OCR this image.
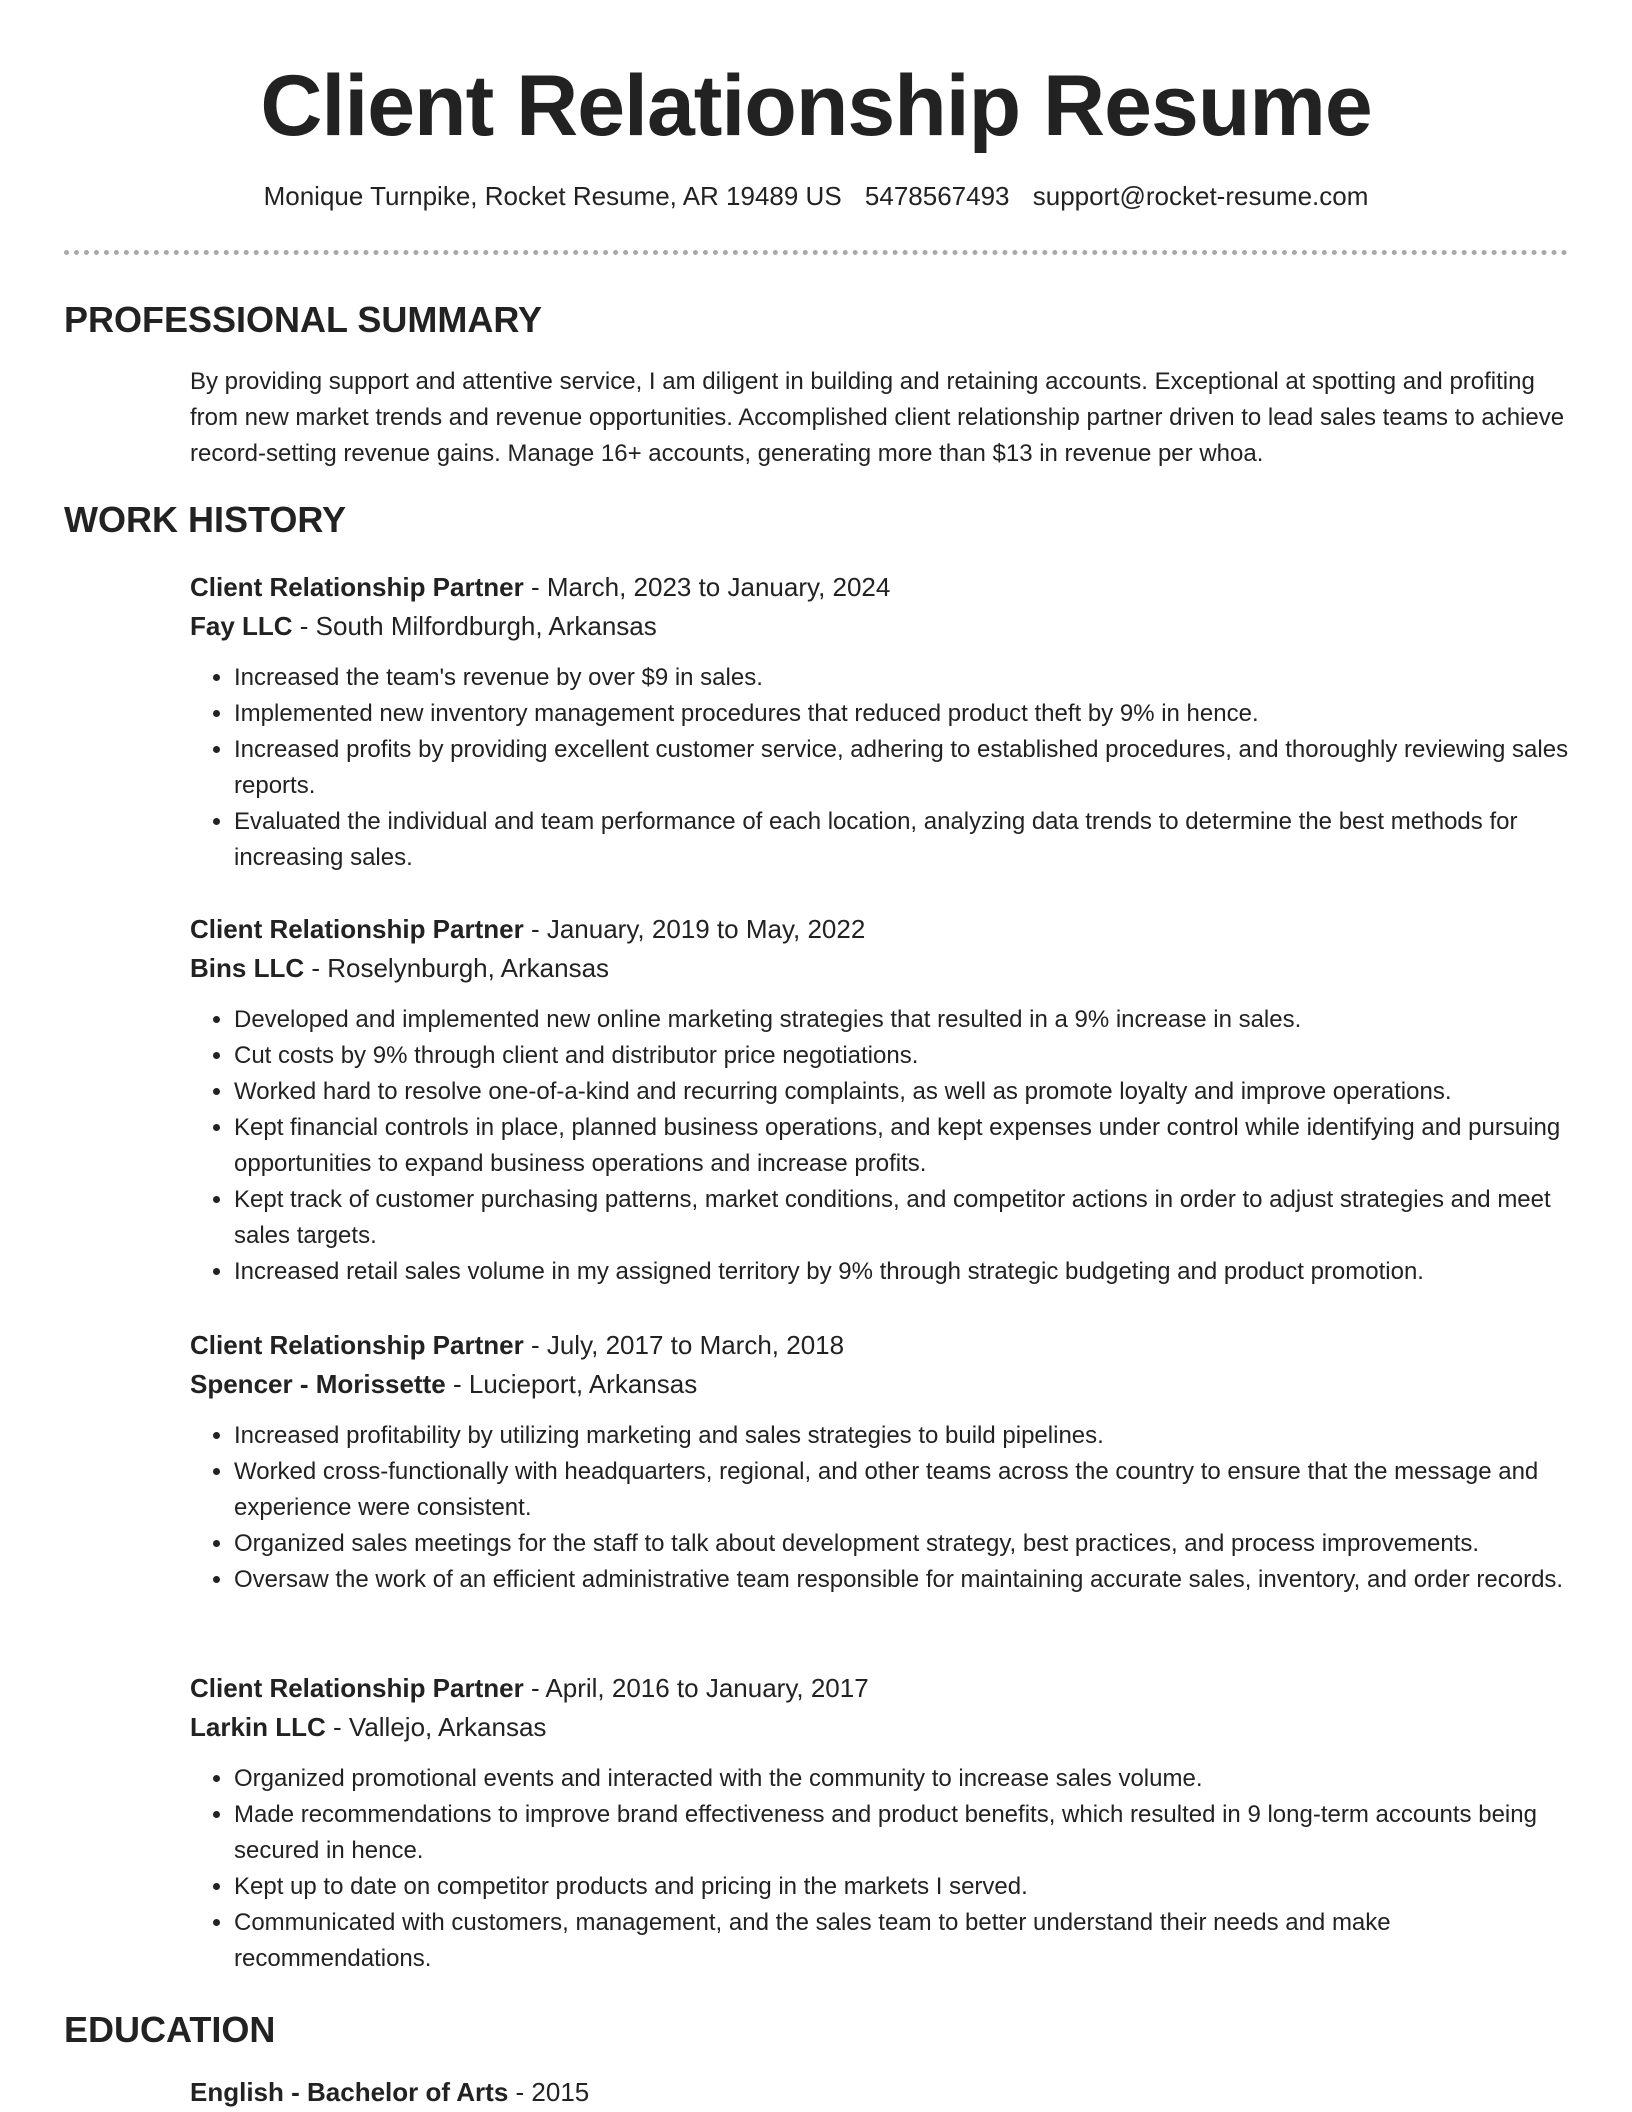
Client Relationship Resume
Monique Turnpike, Rocket Resume, AR 19489 US 5478567493 support@rocket-resume.com
PROFESSIONAL SUMMARY

By providing support and attentive service, I am diligent in building and retaining accounts. Exceptional at spotting and profiting from new market trends and revenue opportunities. Accomplished client relationship partner driven to lead sales teams to achieve record-setting revenue gains. Manage 16+ accounts, generating more than $13 in revenue per whoa.

WORK HISTORY

Client Relationship Partner - March, 2023 to January, 2024

Fay LLC - South Milfordburgh, Arkansas

• Increased the team's revenue by over $9 in sales.
• Implemented new inventory management procedures that reduced product theft by 9% in hence.
• Increased profits by providing excellent customer service, adhering to established procedures, and thoroughly reviewing sales reports.
• Evaluated the individual and team performance of each location, analyzing data trends to determine the best methods for increasing sales.

Client Relationship Partner - January, 2019 to May, 2022

Bins LLC - Roselynburgh, Arkansas

• Developed and implemented new online marketing strategies that resulted in a 9% increase in sales.
• Cut costs by 9% through client and distributor price negotiations.
• Worked hard to resolve one-of-a-kind and recurring complaints, as well as promote loyalty and improve operations.
• Kept financial controls in place, planned business operations, and kept expenses under control while identifying and pursuing opportunities to expand business operations and increase profits.
• Kept track of customer purchasing patterns, market conditions, and competitor actions in order to adjust strategies and meet sales targets.
• Increased retail sales volume in my assigned territory by 9% through strategic budgeting and product promotion.

Client Relationship Partner - July, 2017 to March, 2018

Spencer - Morissette - Lucieport, Arkansas

• Increased profitability by utilizing marketing and sales strategies to build pipelines.
• Worked cross-functionally with headquarters, regional, and other teams across the country to ensure that the message and experience were consistent.
• Organized sales meetings for the staff to talk about development strategy, best practices, and process improvements.
• Oversaw the work of an efficient administrative team responsible for maintaining accurate sales, inventory, and order records.

Client Relationship Partner - April, 2016 to January, 2017

Larkin LLC - Vallejo, Arkansas

• Organized promotional events and interacted with the community to increase sales volume.
• Made recommendations to improve brand effectiveness and product benefits, which resulted in 9 long-term accounts being secured in hence.
• Kept up to date on competitor products and pricing in the markets I served.
• Communicated with customers, management, and the sales team to better understand their needs and make recommendations.
EDUCATION

English - Bachelor of Arts - 2015
